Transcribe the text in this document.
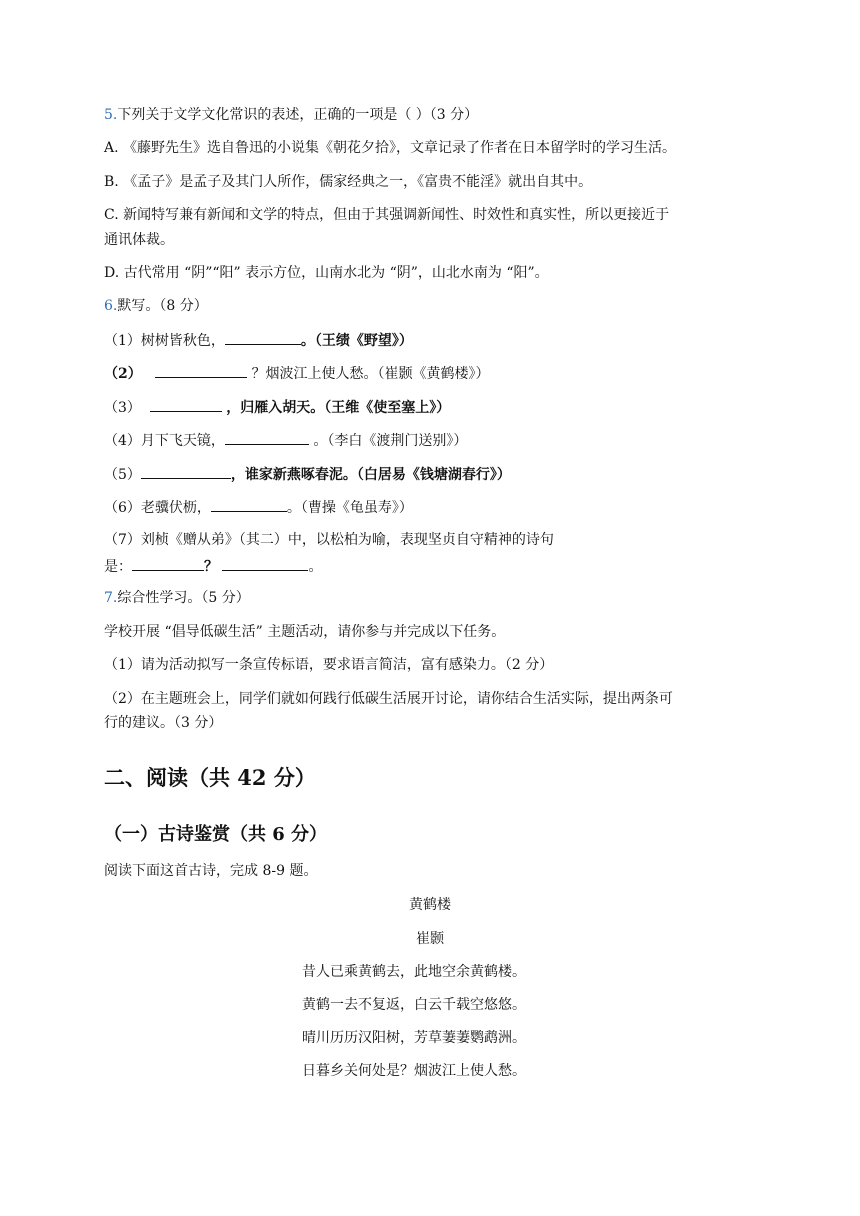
5.下列关于文学文化常识的表述，正确的一项是（ ）（3 分）
A. 《藤野先生》选自鲁迅的小说集《朝花夕拾》，文章记录了作者在日本留学时的学习生活。
B. 《孟子》是孟子及其门人所作，儒家经典之一，《富贵不能淫》就出自其中。
C. 新闻特写兼有新闻和文学的特点，但由于其强调新闻性、时效性和真实性，所以更接近于
通讯体裁。
D. 古代常用 “阴”“阳” 表示方位，山南水北为 “阴”，山北水南为 “阳”。
6.默写。（8 分）
（1）树树皆秋色，	。（王绩《野望》）
（2）	？烟波江上使人愁。（崔颢《黄鹤楼》）
（3）	，归雁入胡天。（王维《使至塞上》）
（4）月下飞天镜，	。（李白《渡荆门送别》）
（5）	，谁家新燕啄春泥。（白居易《钱塘湖春行》）
（6）老骥伏枥，	。（曹操《龟虽寿》）
（7）刘桢《赠从弟》（其二）中，以松柏为喻，表现坚贞自守精神的诗句
是：	？	。
7.综合性学习。（5 分）
学校开展 “倡导低碳生活” 主题活动，请你参与并完成以下任务。
（1）请为活动拟写一条宣传标语，要求语言简洁，富有感染力。（2 分）
（2）在主题班会上，同学们就如何践行低碳生活展开讨论，请你结合生活实际，提出两条可
行的建议。（3 分）
二、阅读（共 42 分）
（一）古诗鉴赏（共 6 分）
阅读下面这首古诗，完成 8-9 题。
黄鹤楼
崔颢
昔人已乘黄鹤去，此地空余黄鹤楼。
黄鹤一去不复返，白云千载空悠悠。
晴川历历汉阳树，芳草萋萋鹦鹉洲。
日暮乡关何处是？烟波江上使人愁。
